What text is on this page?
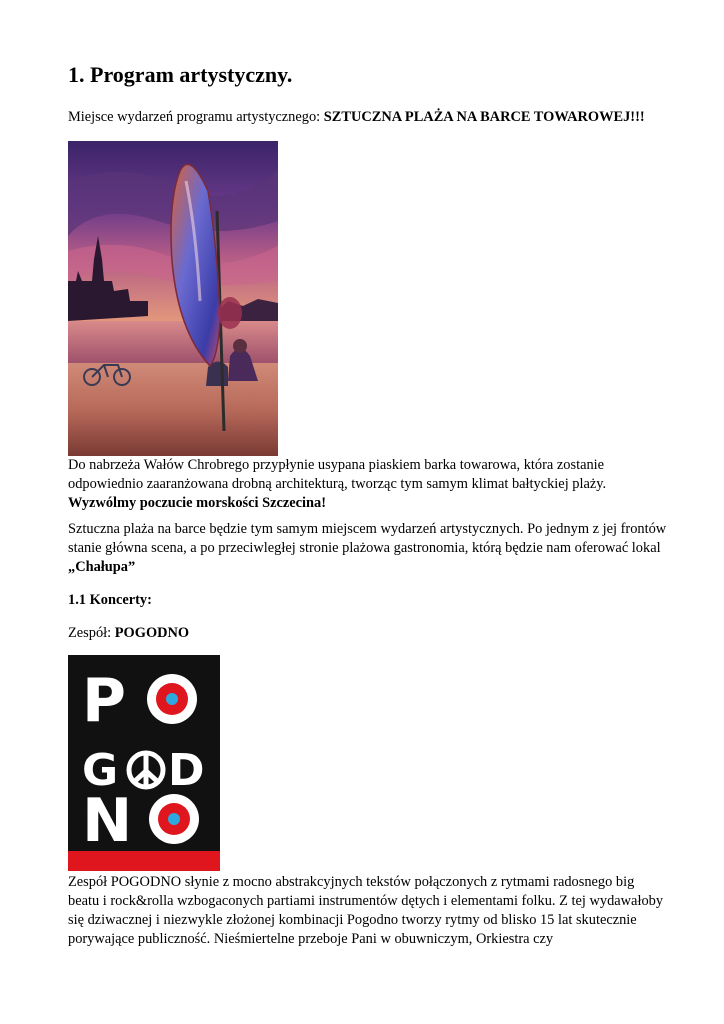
1. Program artystyczny.

Miejsce wydarzeń programu artystycznego: SZTUCZNA PLAŻA NA BARCE TOWAROWEJ!!!

Do nabrzeża Wałów Chrobrego przypłynie usypana piaskiem barka towarowa, która zostanie odpowiednio zaaranżowana drobną architekturą, tworząc tym samym klimat bałtyckiej plaży. Wyzwólmy poczucie morskości Szczecina!

Sztuczna plaża na barce będzie tym samym miejscem wydarzeń artystycznych. Po jednym z jej frontów stanie główna scena, a po przeciwległej stronie plażowa gastronomia, którą będzie nam oferować lokal „Chałupa”

1.1 Koncerty:

Zespół: POGODNO

P
G D
N

Zespół POGODNO słynie z mocno abstrakcyjnych tekstów połączonych z rytmami radosnego big beatu i rock&rolla wzbogaconych partiami instrumentów dętych i elementami folku. Z tej wydawałoby się dziwacznej i niezwykle złożonej kombinacji Pogodno tworzy rytmy od blisko 15 lat skutecznie porywające publiczność. Nieśmiertelne przeboje Pani w obuwniczym, Orkiestra czy
